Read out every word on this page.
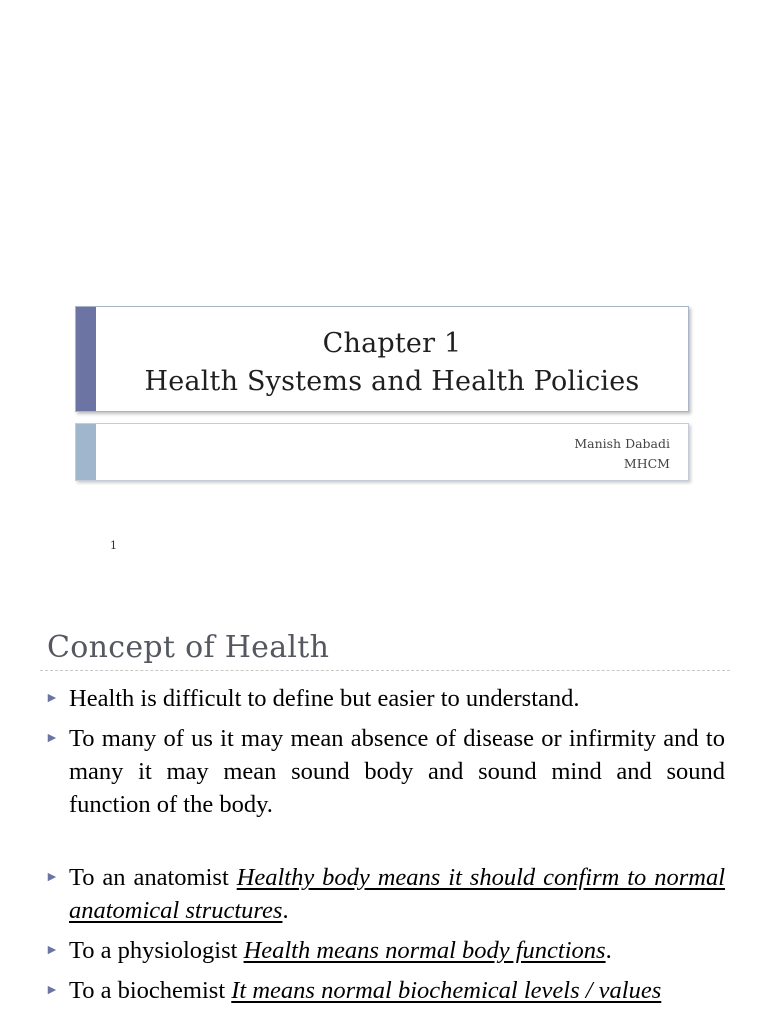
Chapter 1
Health Systems and Health Policies
Manish Dabadi
MHCM
1
Concept of Health
► Health is difficult to define but easier to understand.
► To many of us it may mean absence of disease or infirmity and to many it may mean sound body and sound mind and sound function of the body.
► To an anatomist Healthy body means it should confirm to normal anatomical structures.
► To a physiologist Health means normal body functions.
► To a biochemist It means normal biochemical levels / values
